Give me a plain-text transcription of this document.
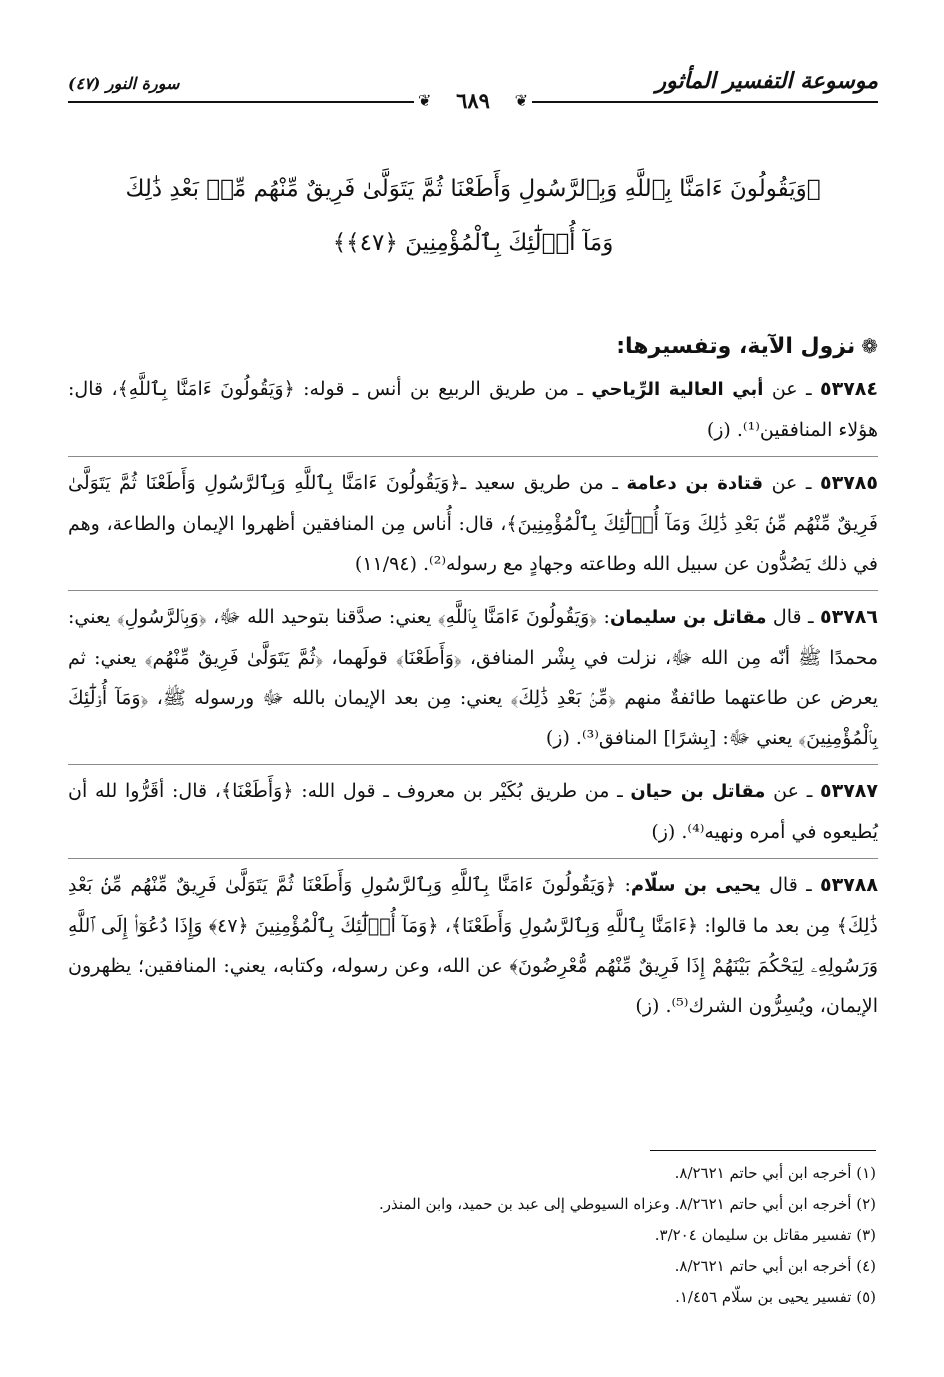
موسوعة التفسير المأثور
سورة النور (٤٧)
❦
❦	٦٨٩
﴿وَيَقُولُونَ ءَامَنَّا بِٱللَّهِ وَبِٱلرَّسُولِ وَأَطَعْنَا ثُمَّ يَتَوَلَّىٰ فَرِيقٌ مِّنْهُم مِّنۢ بَعْدِ ذَٰلِكَ
وَمَآ أُو۟لَٰٓئِكَ بِٱلْمُؤْمِنِينَ ﴿٤٧﴾﴾
❁نزول الآية، وتفسيرها:
٥٣٧٨٤ ـ عن أبي العالية الرِّياحي ـ من طريق الربيع بن أنس ـ قوله: ﴿وَيَقُولُونَ ءَامَنَّا بِٱللَّهِ﴾، قال: هؤلاء المنافقين⁽¹⁾. (ز)
٥٣٧٨٥ ـ عن قتادة بن دعامة ـ من طريق سعيد ـ﴿وَيَقُولُونَ ءَامَنَّا بِٱللَّهِ وَبِٱلرَّسُولِ وَأَطَعْنَا ثُمَّ يَتَوَلَّىٰ فَرِيقٌ مِّنْهُم مِّنۢ بَعْدِ ذَٰلِكَ وَمَآ أُو۟لَٰٓئِكَ بِٱلْمُؤْمِنِينَ﴾، قال: أُناس مِن المنافقين أظهروا الإيمان والطاعة، وهم في ذلك يَصُدُّون عن سبيل الله وطاعته وجهادٍ مع رسوله⁽²⁾. (١١/٩٤)
٥٣٧٨٦ ـ قال مقاتل بن سليمان: ﴿وَيَقُولُونَ ءَامَنَّا بِٱللَّهِ﴾ يعني: صدَّقنا بتوحيد الله ﷻ، ﴿وَبِٱلرَّسُولِ﴾ يعني: محمدًا ﷺ أنّه مِن الله ﷻ، نزلت في بِشْر المنافق، ﴿وَأَطَعْنَا﴾ قولَهما، ﴿ثُمَّ يَتَوَلَّىٰ فَرِيقٌ مِّنْهُم﴾ يعني: ثم يعرض عن طاعتهما طائفةٌ منهم ﴿مِّنۢ بَعْدِ ذَٰلِكَ﴾ يعني: مِن بعد الإيمان بالله ﷻ ورسوله ﷺ، ﴿وَمَآ أُو۟لَٰٓئِكَ بِٱلْمُؤْمِنِينَ﴾ يعني ﷻ: [بِشرًا] المنافق⁽³⁾. (ز)
٥٣٧٨٧ ـ عن مقاتل بن حيان ـ من طريق بُكَيْر بن معروف ـ قول الله: ﴿وَأَطَعْنَا﴾، قال: أقَرُّوا لله أن يُطيعوه في أمره ونهيه⁽⁴⁾. (ز)
٥٣٧٨٨ ـ قال يحيى بن سلّام: ﴿وَيَقُولُونَ ءَامَنَّا بِٱللَّهِ وَبِٱلرَّسُولِ وَأَطَعْنَا ثُمَّ يَتَوَلَّىٰ فَرِيقٌ مِّنْهُم مِّنۢ بَعْدِ ذَٰلِكَ﴾ مِن بعد ما قالوا: ﴿ءَامَنَّا بِٱللَّهِ وَبِٱلرَّسُولِ وَأَطَعْنَا﴾، ﴿وَمَآ أُو۟لَٰٓئِكَ بِٱلْمُؤْمِنِينَ ﴿٤٧﴾ وَإِذَا دُعُوٓا۟ إِلَى ٱللَّهِ وَرَسُولِهِۦ لِيَحْكُمَ بَيْنَهُمْ إِذَا فَرِيقٌ مِّنْهُم مُّعْرِضُونَ﴾ عن الله، وعن رسوله، وكتابه، يعني: المنافقين؛ يظهرون الإيمان، ويُسِرُّون الشرك⁽⁵⁾. (ز)
(١) أخرجه ابن أبي حاتم ٨/٢٦٢١.
(٢) أخرجه ابن أبي حاتم ٨/٢٦٢١. وعزاه السيوطي إلى عبد بن حميد، وابن المنذر.
(٣) تفسير مقاتل بن سليمان ٣/٢٠٤.
(٤) أخرجه ابن أبي حاتم ٨/٢٦٢١.
(٥) تفسير يحيى بن سلّام ١/٤٥٦.
